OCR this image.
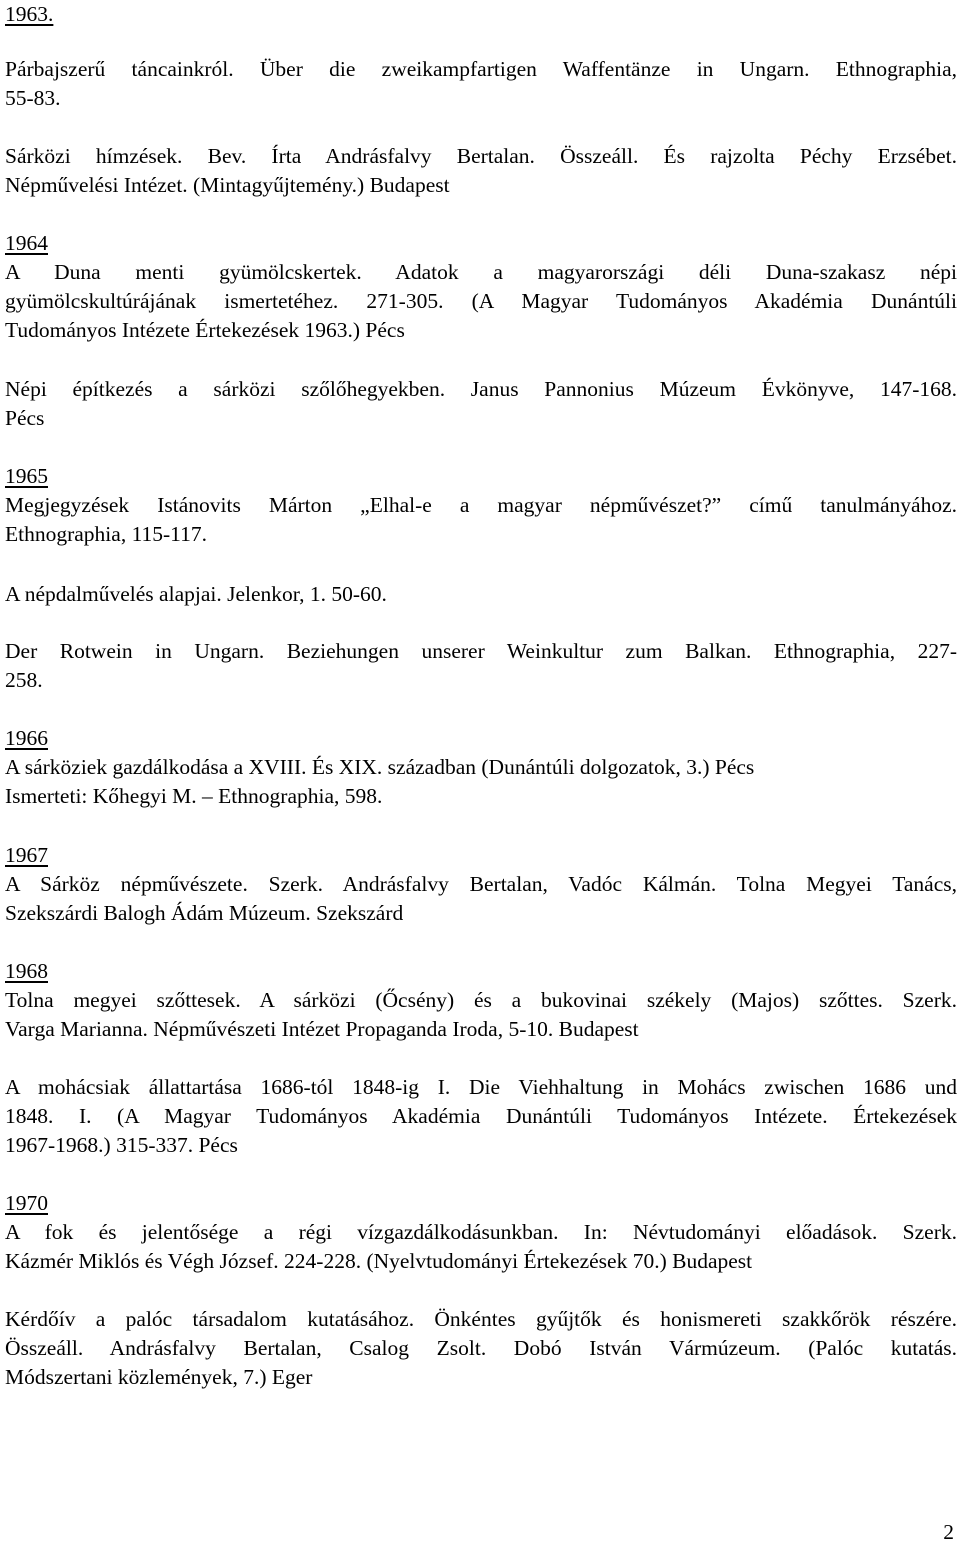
1963.
Párbajszerű táncainkról. Über die zweikampfartigen Waffentänze in Ungarn. Ethnographia,
55-83.
Sárközi hímzések. Bev. Írta Andrásfalvy Bertalan. Összeáll. És rajzolta Péchy Erzsébet.
Népművelési Intézet. (Mintagyűjtemény.) Budapest
1964
A Duna menti gyümölcskertek. Adatok a magyarországi déli Duna-szakasz népi
gyümölcskultúrájának ismertetéhez. 271-305. (A Magyar Tudományos Akadémia Dunántúli
Tudományos Intézete Értekezések 1963.) Pécs
Népi építkezés a sárközi szőlőhegyekben. Janus Pannonius Múzeum Évkönyve, 147-168.
Pécs
1965
Megjegyzések Istánovits Márton „Elhal-e a magyar népművészet?” című tanulmányához.
Ethnographia, 115-117.
A népdalművelés alapjai. Jelenkor, 1. 50-60.
Der Rotwein in Ungarn. Beziehungen unserer Weinkultur zum Balkan. Ethnographia, 227-
258.
1966
A sárköziek gazdálkodása a XVIII. És XIX. században (Dunántúli dolgozatok, 3.) Pécs
Ismerteti: Kőhegyi M. – Ethnographia, 598.
1967
A Sárköz népművészete. Szerk. Andrásfalvy Bertalan, Vadóc Kálmán. Tolna Megyei Tanács,
Szekszárdi Balogh Ádám Múzeum. Szekszárd
1968
Tolna megyei szőttesek. A sárközi (Őcsény) és a bukovinai székely (Majos) szőttes. Szerk.
Varga Marianna. Népművészeti Intézet Propaganda Iroda, 5-10. Budapest
A mohácsiak állattartása 1686-tól 1848-ig I. Die Viehhaltung in Mohács zwischen 1686 und
1848. I. (A Magyar Tudományos Akadémia Dunántúli Tudományos Intézete. Értekezések
1967-1968.) 315-337. Pécs
1970
A fok és jelentősége a régi vízgazdálkodásunkban. In: Névtudományi előadások. Szerk.
Kázmér Miklós és Végh József. 224-228. (Nyelvtudományi Értekezések 70.) Budapest
Kérdőív a palóc társadalom kutatásához. Önkéntes gyűjtők és honismereti szakkőrök részére.
Összeáll. Andrásfalvy Bertalan, Csalog Zsolt. Dobó István Vármúzeum. (Palóc kutatás.
Módszertani közlemények, 7.) Eger
2
